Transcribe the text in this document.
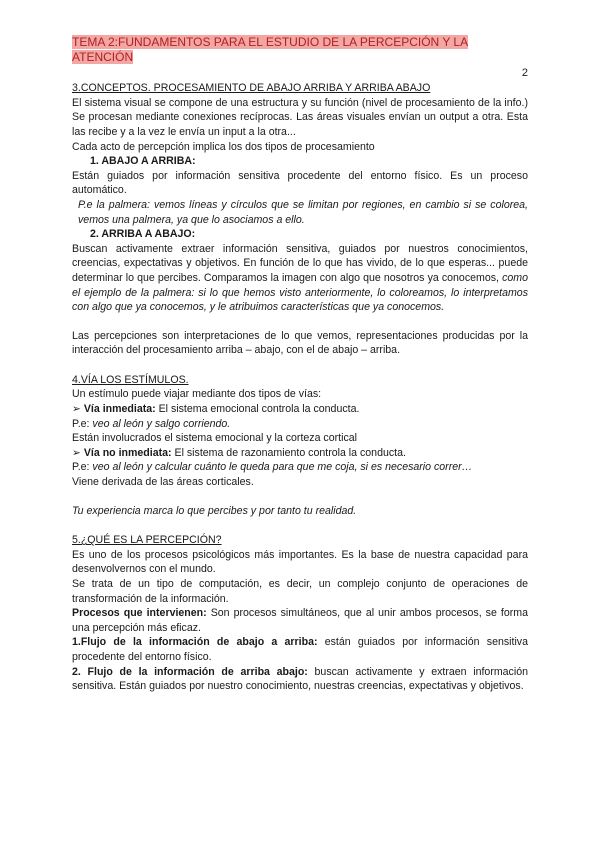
TEMA 2:FUNDAMENTOS PARA EL ESTUDIO DE LA PERCEPCIÓN Y LA ATENCIÓN
2

3.CONCEPTOS. PROCESAMIENTO DE ABAJO ARRIBA Y ARRIBA ABAJO

El sistema visual se compone de una estructura y su función (nivel de procesamiento de la info.) Se procesan mediante conexiones recíprocas. Las áreas visuales envían un output a otra. Esta las recibe y a la vez le envía un input a la otra...

Cada acto de percepción implica los dos tipos de procesamiento

1. ABAJO A ARRIBA:

Están guiados por información sensitiva procedente del entorno físico. Es un proceso automático.

P.e la palmera: vemos líneas y círculos que se limitan por regiones, en cambio si se colorea, vemos una palmera, ya que lo asociamos a ello.

2. ARRIBA A ABAJO:

Buscan activamente extraer información sensitiva, guiados por nuestros conocimientos, creencias, expectativas y objetivos. En función de lo que has vivido, de lo que esperas... puede determinar lo que percibes. Comparamos la imagen con algo que nosotros ya conocemos, como el ejemplo de la palmera: si lo que hemos visto anteriormente, lo coloreamos, lo interpretamos con algo que ya conocemos, y le atribuimos características que ya conocemos.

Las percepciones son interpretaciones de lo que vemos, representaciones producidas por la interacción del procesamiento arriba – abajo, con el de abajo – arriba.

4.VÍA LOS ESTÍMULOS.

Un estímulo puede viajar mediante dos tipos de vías:

➢ Vía inmediata: El sistema emocional controla la conducta.

P.e: veo al león y salgo corriendo.

Están involucrados el sistema emocional y la corteza cortical

➢ Vía no inmediata: El sistema de razonamiento controla la conducta.

P.e: veo al león y calcular cuánto le queda para que me coja, si es necesario correr…

Viene derivada de las áreas corticales.

Tu experiencia marca lo que percibes y por tanto tu realidad.

5.¿QUÉ ES LA PERCEPCIÓN?

Es uno de los procesos psicológicos más importantes. Es la base de nuestra capacidad para desenvolvernos con el mundo.

Se trata de un tipo de computación, es decir, un complejo conjunto de operaciones de transformación de la información.

Procesos que intervienen: Son procesos simultáneos, que al unir ambos procesos, se forma una percepción más eficaz.

1.Flujo de la información de abajo a arriba: están guiados por información sensitiva procedente del entorno físico.

2. Flujo de la información de arriba abajo: buscan activamente y extraen información sensitiva. Están guiados por nuestro conocimiento, nuestras creencias, expectativas y objetivos.
